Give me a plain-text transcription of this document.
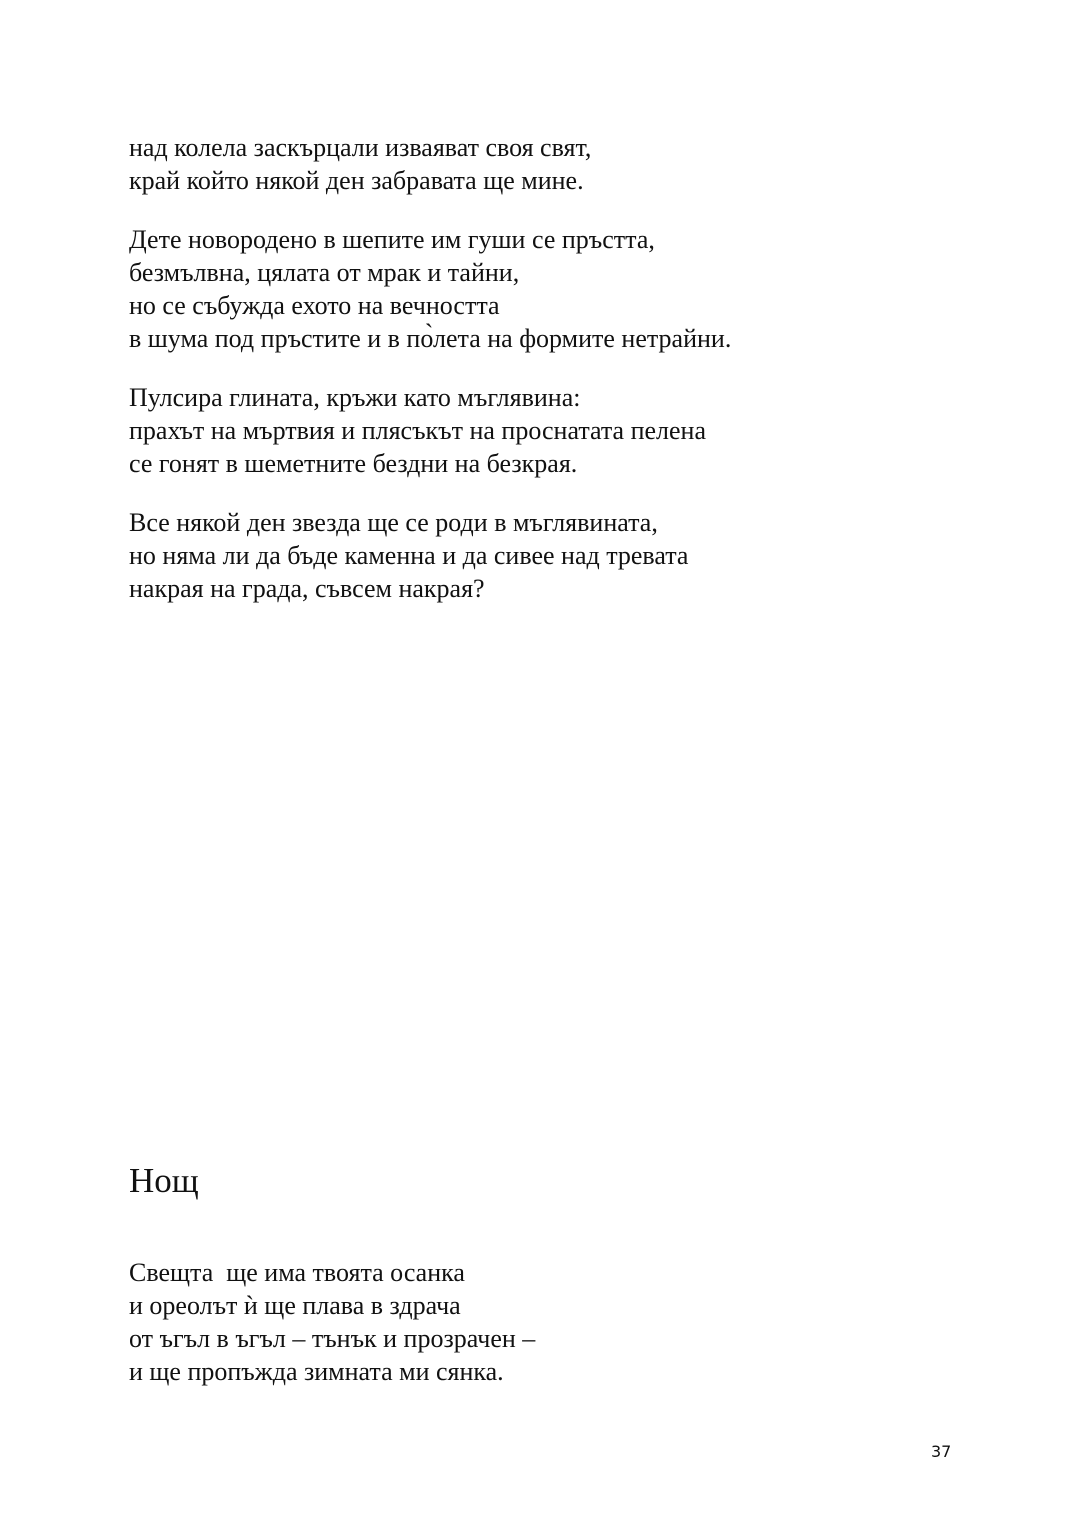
над колела заскърцали изваяват своя свят,
край който някой ден забравата ще мине.
Дете новородено в шепите им гуши се пръстта,
безмълвна, цялата от мрак и тайни,
но се събужда ехото на вечността
в шума под пръстите и в по̀лета на формите нетрайни.
Пулсира глината, кръжи като мъглявина:
прахът на мъртвия и плясъкът на проснатата пелена
се гонят в шеметните бездни на безкрая.
Все някой ден звезда ще се роди в мъглявината,
но няма ли да бъде каменна и да сивее над тревата
накрая на града, съвсем накрая?
Нощ
Свещта  ще има твоята осанка
и ореолът ѝ ще плава в здрача
от ъгъл в ъгъл – тънък и прозрачен –
и ще пропъжда зимната ми сянка.
37
